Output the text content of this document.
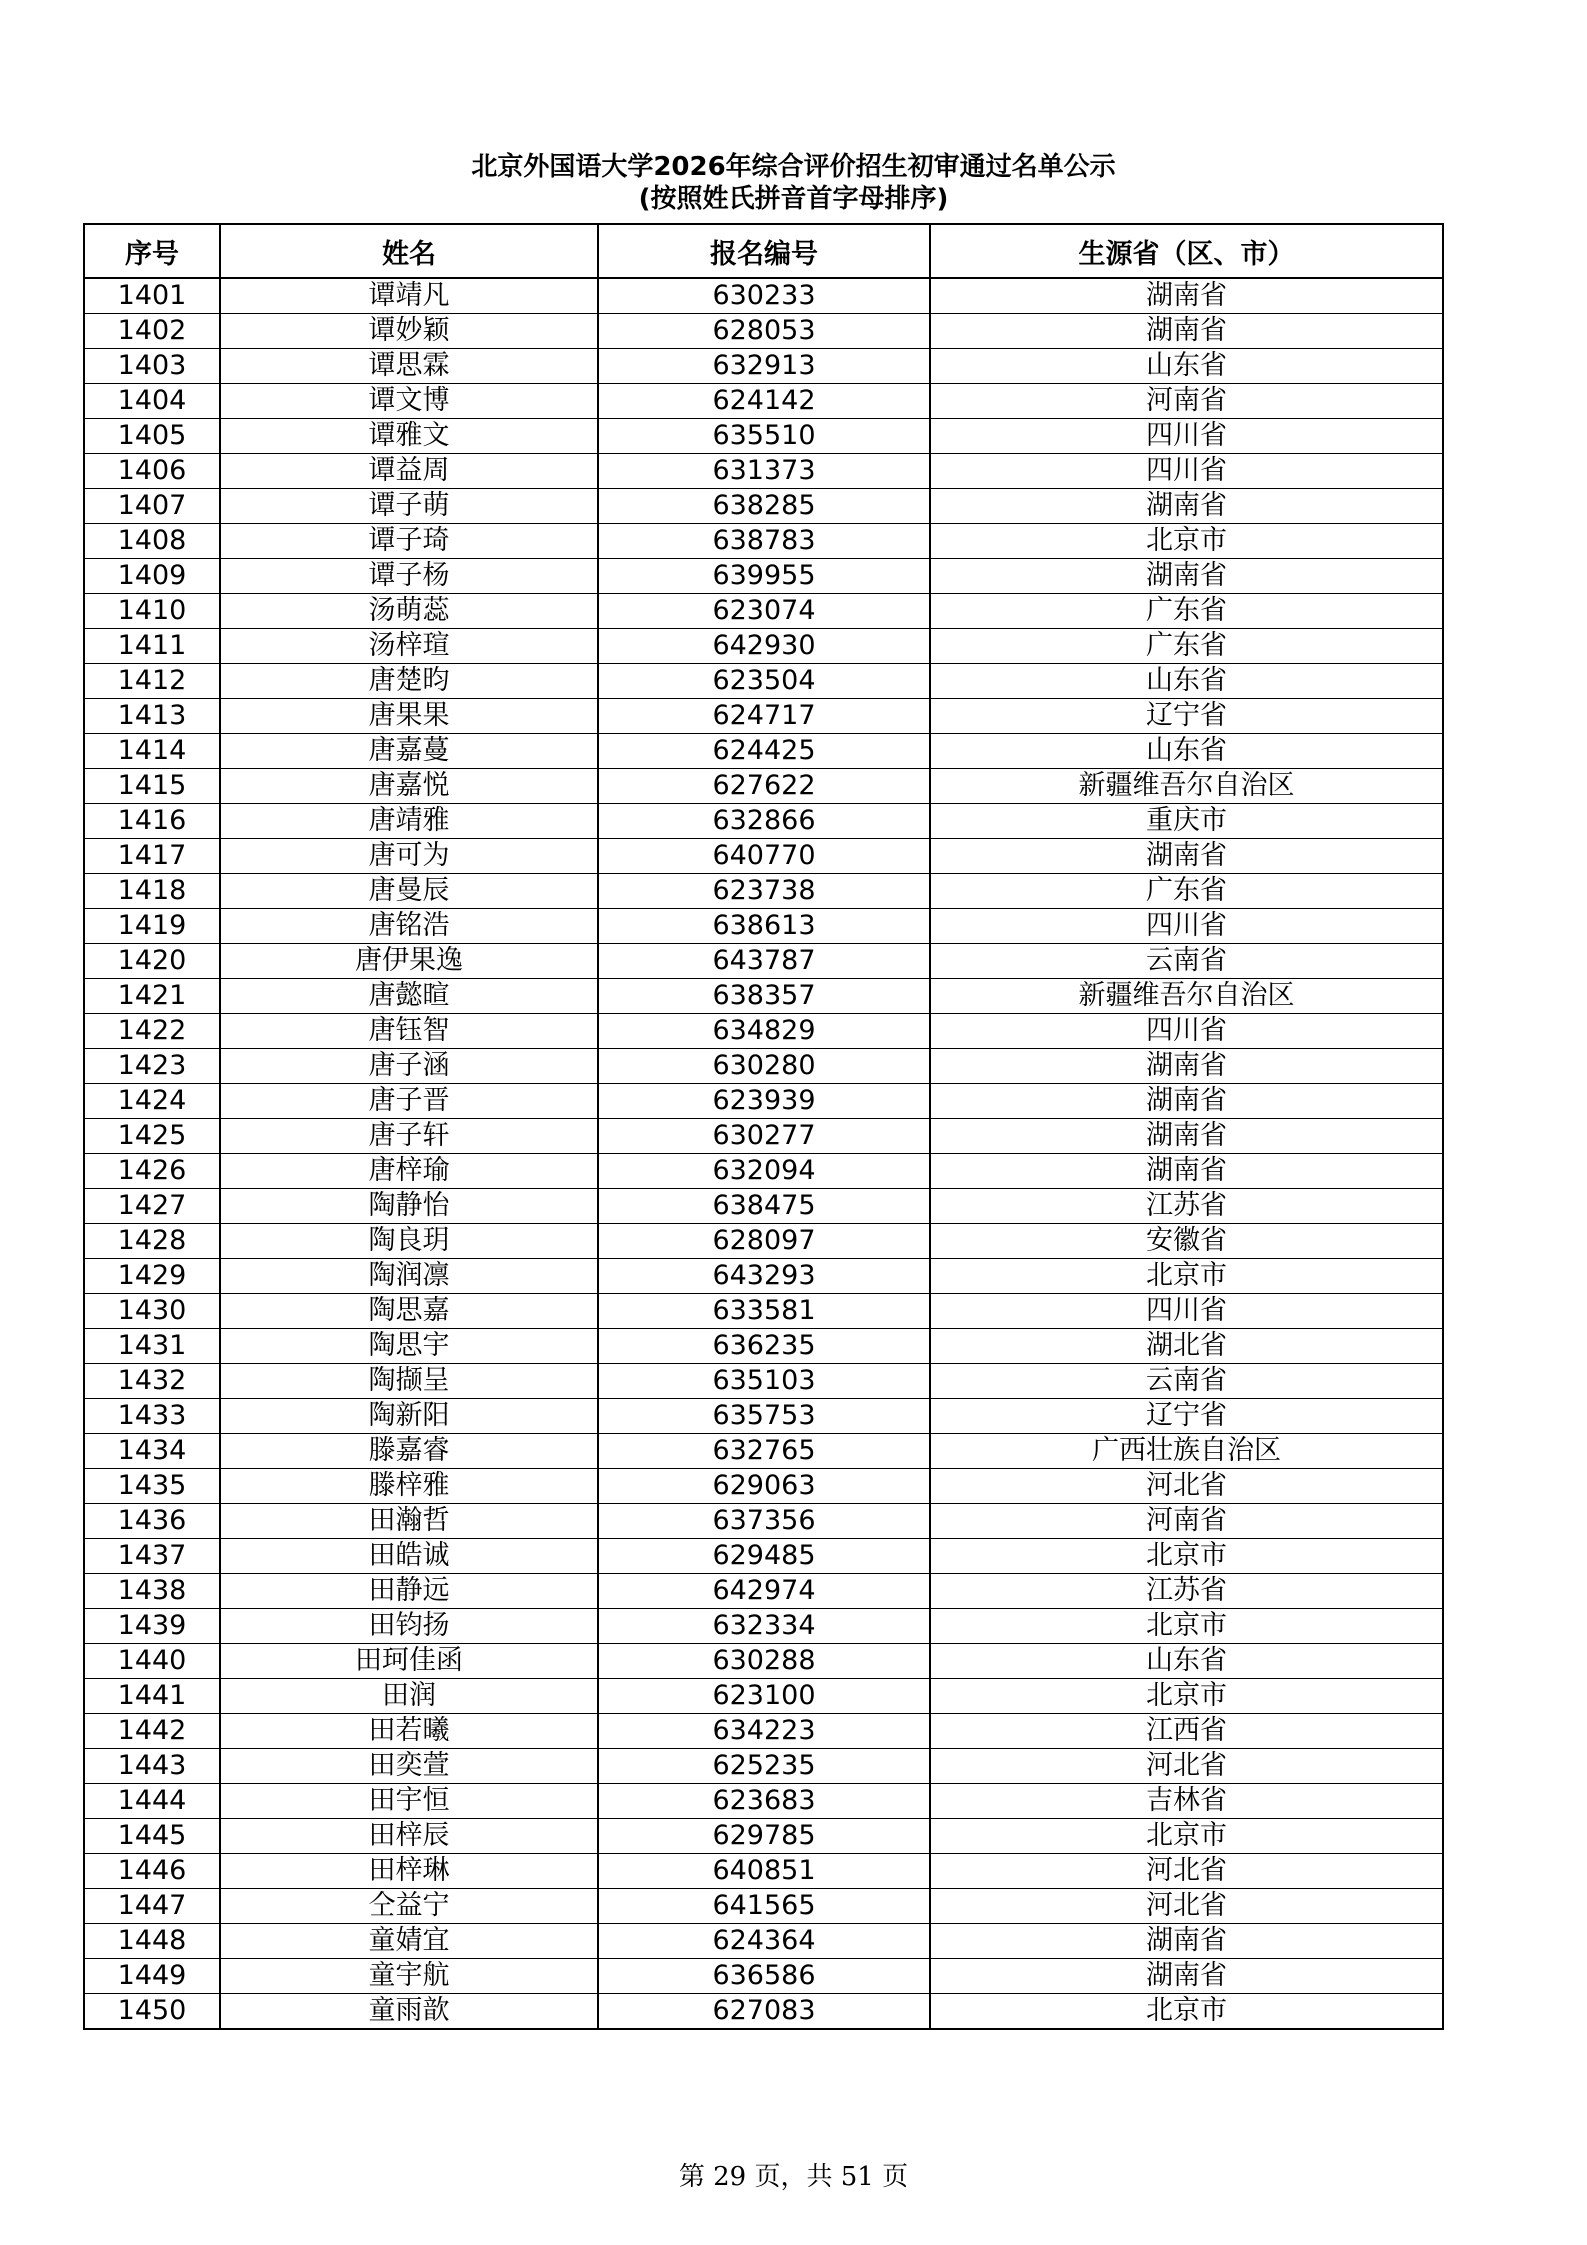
北京外国语大学2026年综合评价招生初审通过名单公示
(按照姓氏拼音首字母排序)
序号	姓名	报名编号	生源省（区、市）
1401	谭靖凡	630233	湖南省
1402	谭妙颖	628053	湖南省
1403	谭思霖	632913	山东省
1404	谭文博	624142	河南省
1405	谭雅文	635510	四川省
1406	谭益周	631373	四川省
1407	谭子萌	638285	湖南省
1408	谭子琦	638783	北京市
1409	谭子杨	639955	湖南省
1410	汤萌蕊	623074	广东省
1411	汤梓瑄	642930	广东省
1412	唐楚昀	623504	山东省
1413	唐果果	624717	辽宁省
1414	唐嘉蔓	624425	山东省
1415	唐嘉悦	627622	新疆维吾尔自治区
1416	唐靖雅	632866	重庆市
1417	唐可为	640770	湖南省
1418	唐曼辰	623738	广东省
1419	唐铭浩	638613	四川省
1420	唐伊果逸	643787	云南省
1421	唐懿暄	638357	新疆维吾尔自治区
1422	唐钰智	634829	四川省
1423	唐子涵	630280	湖南省
1424	唐子晋	623939	湖南省
1425	唐子轩	630277	湖南省
1426	唐梓瑜	632094	湖南省
1427	陶静怡	638475	江苏省
1428	陶良玥	628097	安徽省
1429	陶润凛	643293	北京市
1430	陶思嘉	633581	四川省
1431	陶思宇	636235	湖北省
1432	陶撷呈	635103	云南省
1433	陶新阳	635753	辽宁省
1434	滕嘉睿	632765	广西壮族自治区
1435	滕梓雅	629063	河北省
1436	田瀚哲	637356	河南省
1437	田皓诚	629485	北京市
1438	田静远	642974	江苏省
1439	田钧扬	632334	北京市
1440	田珂佳函	630288	山东省
1441	田润	623100	北京市
1442	田若曦	634223	江西省
1443	田奕萱	625235	河北省
1444	田宇恒	623683	吉林省
1445	田梓辰	629785	北京市
1446	田梓琳	640851	河北省
1447	仝益宁	641565	河北省
1448	童婧宜	624364	湖南省
1449	童宇航	636586	湖南省
1450	童雨歆	627083	北京市
第 29 页，共 51 页
